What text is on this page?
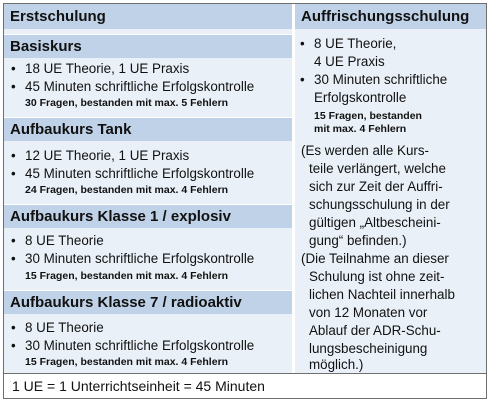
Erstschulung	Auffrischungsschulung
Basiskurs
• 18 UE Theorie, 1 UE Praxis
• 45 Minuten schriftliche Erfolgskontrolle
30 Fragen, bestanden mit max. 5 Fehlern
Aufbaukurs Tank
• 12 UE Theorie, 1 UE Praxis
• 45 Minuten schriftliche Erfolgskontrolle
24 Fragen, bestanden mit max. 4 Fehlern
Aufbaukurs Klasse 1 / explosiv
• 8 UE Theorie
• 30 Minuten schriftliche Erfolgskontrolle
15 Fragen, bestanden mit max. 4 Fehlern
Aufbaukurs Klasse 7 / radioaktiv
• 8 UE Theorie
• 30 Minuten schriftliche Erfolgskontrolle
15 Fragen, bestanden mit max. 4 Fehlern
• 8 UE Theorie,
4 UE Praxis
• 30 Minuten schriftliche
Erfolgskontrolle
15 Fragen, bestanden
mit max. 4 Fehlern
(Es werden alle Kurs-
teile verlängert, welche
sich zur Zeit der Auffri-
schungsschulung in der
gültigen „Altbescheini-
gung“ befinden.)
(Die Teilnahme an dieser
Schulung ist ohne zeit-
lichen Nachteil innerhalb
von 12 Monaten vor
Ablauf der ADR-Schu-
lungsbescheinigung
möglich.)
1 UE = 1 Unterrichtseinheit = 45 Minuten
